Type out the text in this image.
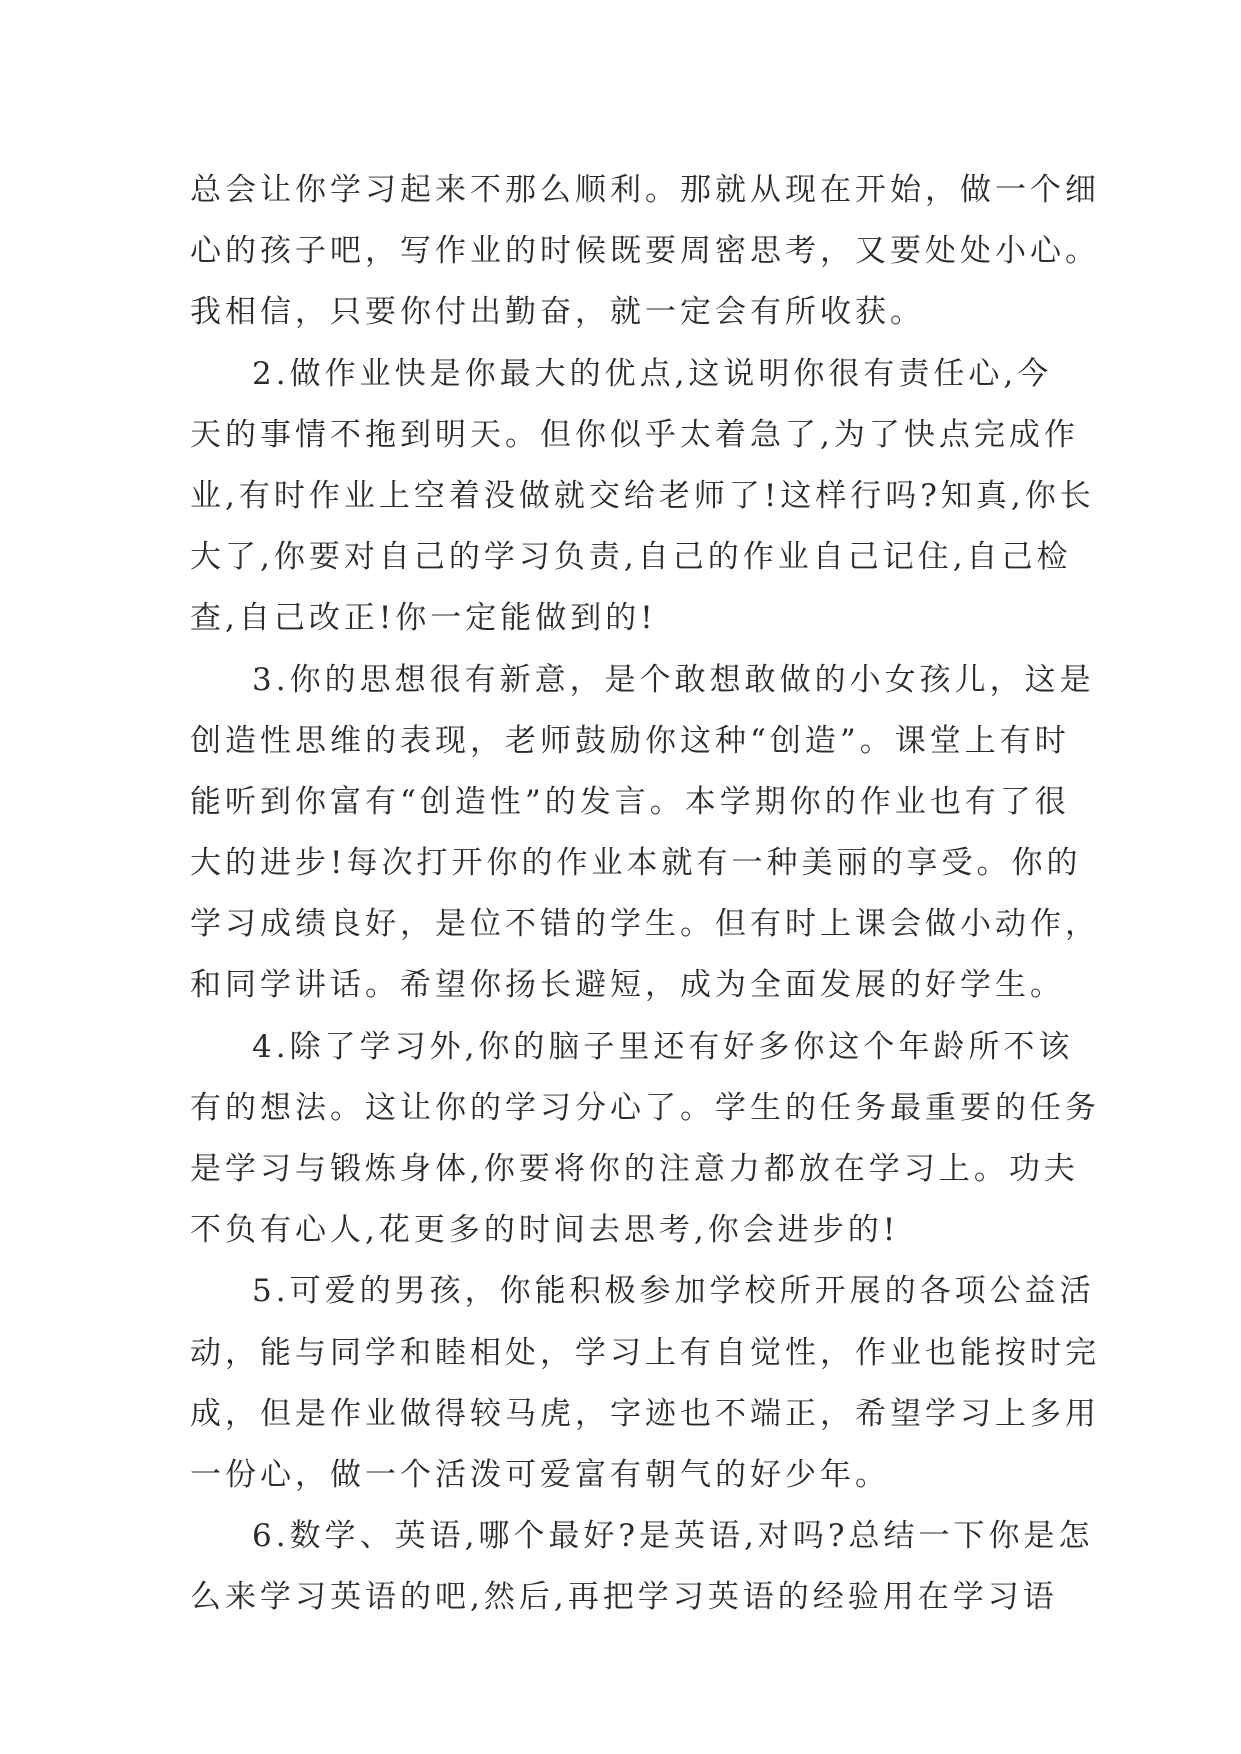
总会让你学习起来不那么顺利。那就从现在开始，做一个细
心的孩子吧，写作业的时候既要周密思考，又要处处小心。
我相信，只要你付出勤奋，就一定会有所收获。
2.做作业快是你最大的优点,这说明你很有责任心,今
天的事情不拖到明天。但你似乎太着急了,为了快点完成作
业,有时作业上空着没做就交给老师了!这样行吗?知真,你长
大了,你要对自己的学习负责,自己的作业自己记住,自己检
查,自己改正!你一定能做到的!
3.你的思想很有新意，是个敢想敢做的小女孩儿，这是
创造性思维的表现，老师鼓励你这种“创造”。课堂上有时
能听到你富有“创造性”的发言。本学期你的作业也有了很
大的进步!每次打开你的作业本就有一种美丽的享受。你的
学习成绩良好，是位不错的学生。但有时上课会做小动作，
和同学讲话。希望你扬长避短，成为全面发展的好学生。
4.除了学习外,你的脑子里还有好多你这个年龄所不该
有的想法。这让你的学习分心了。学生的任务最重要的任务
是学习与锻炼身体,你要将你的注意力都放在学习上。功夫
不负有心人,花更多的时间去思考,你会进步的!
5.可爱的男孩，你能积极参加学校所开展的各项公益活
动，能与同学和睦相处，学习上有自觉性，作业也能按时完
成，但是作业做得较马虎，字迹也不端正，希望学习上多用
一份心，做一个活泼可爱富有朝气的好少年。
6.数学、英语,哪个最好?是英语,对吗?总结一下你是怎
么来学习英语的吧,然后,再把学习英语的经验用在学习语
